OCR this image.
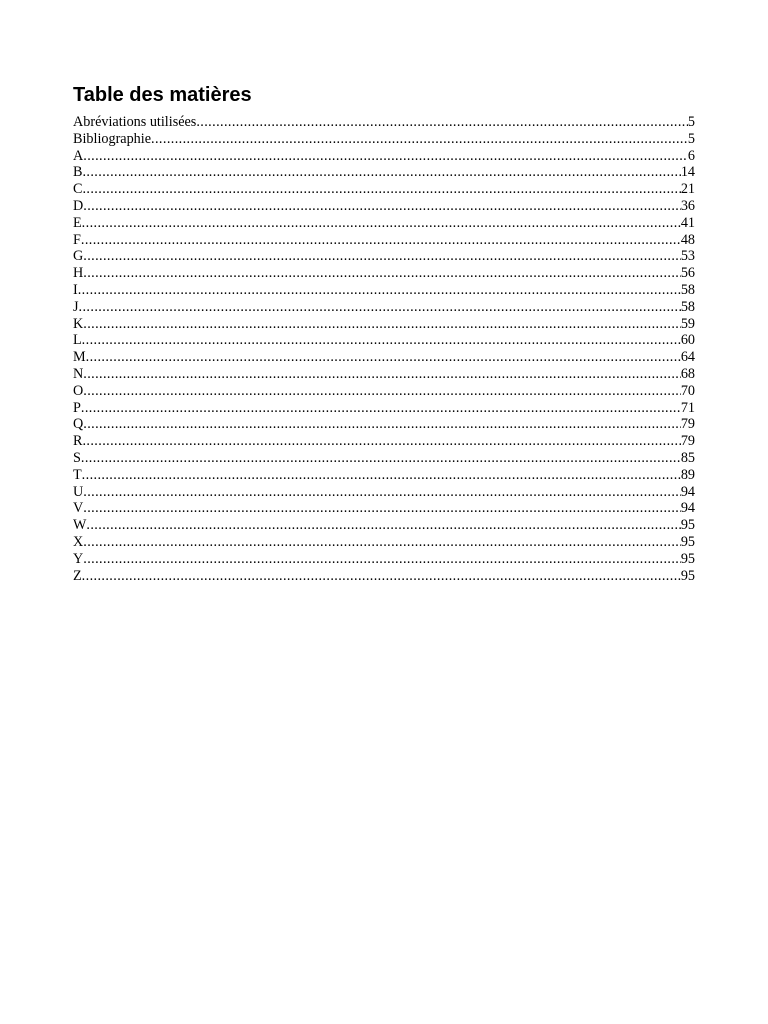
Table des matières
Abréviations utilisées .....	5
Bibliographie .....	5
A .....	6
B .....	14
C .....	21
D .....	36
E .....	41
F .....	48
G .....	53
H .....	56
I .....	58
J .....	58
K .....	59
L .....	60
M .....	64
N .....	68
O .....	70
P .....	71
Q .....	79
R .....	79
S .....	85
T .....	89
U .....	94
V .....	94
W .....	95
X .....	95
Y .....	95
Z .....	95
